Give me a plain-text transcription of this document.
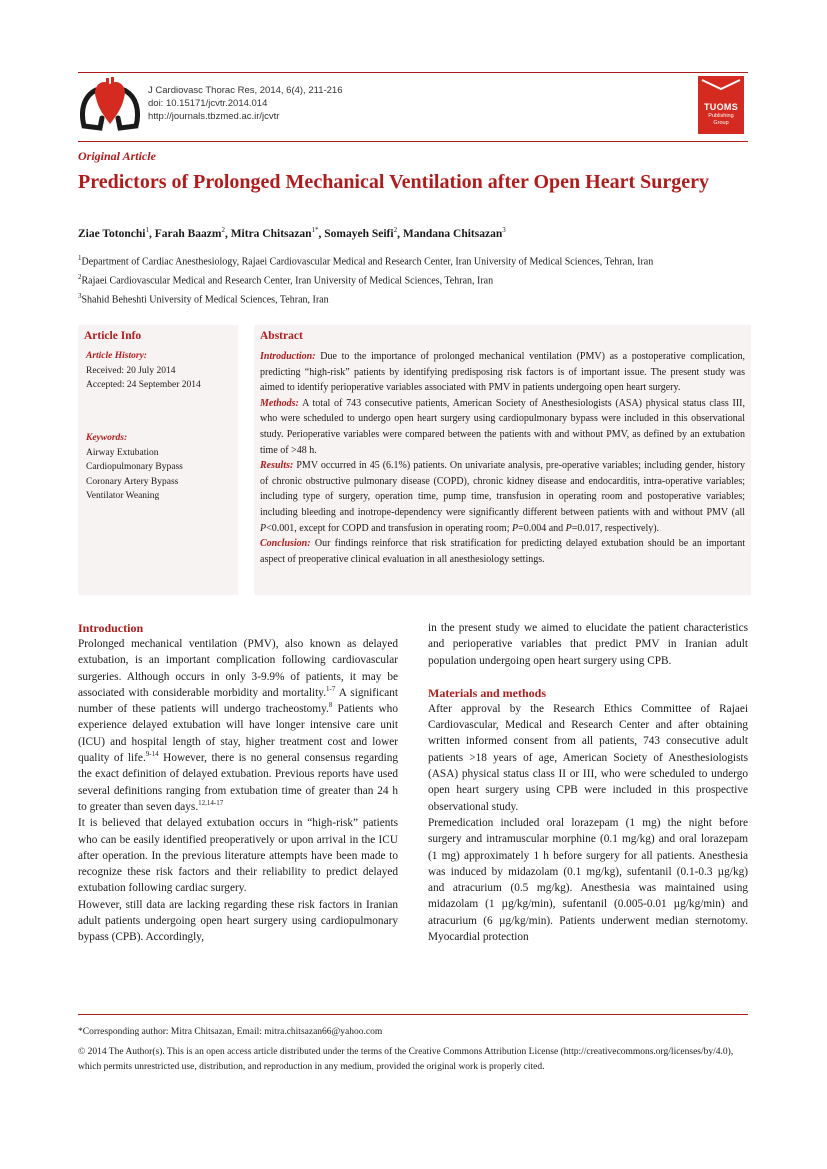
J Cardiovasc Thorac Res, 2014, 6(4), 211-216
doi: 10.15171/jcvtr.2014.014
http://journals.tbzmed.ac.ir/jcvtr
TUOMS
Publishing
Group
Original Article
Predictors of Prolonged Mechanical Ventilation after Open Heart Surgery
Ziae Totonchi$^1$, Farah Baazm$^2$, Mitra Chitsazan$^{1*}$, Somayeh Seifi$^2$, Mandana Chitsazan$^3$
$^1$Department of Cardiac Anesthesiology, Rajaei Cardiovascular Medical and Research Center, Iran University of Medical Sciences, Tehran, Iran
$^2$Rajaei Cardiovascular Medical and Research Center, Iran University of Medical Sciences, Tehran, Iran
$^3$Shahid Beheshti University of Medical Sciences, Tehran, Iran
Article Info
Article History:
Received: 20 July 2014
Accepted: 24 September 2014
Keywords:
Airway Extubation
Cardiopulmonary Bypass
Coronary Artery Bypass
Ventilator Weaning
Abstract

Introduction: Due to the importance of prolonged mechanical ventilation (PMV) as a postoperative complication, predicting “high-risk” patients by identifying predisposing risk factors is of important issue. The present study was aimed to identify perioperative variables associated with PMV in patients undergoing open heart surgery.

Methods: A total of 743 consecutive patients, American Society of Anesthesiologists (ASA) physical status class III, who were scheduled to undergo open heart surgery using cardiopulmonary bypass were included in this observational study. Perioperative variables were compared between the patients with and without PMV, as defined by an extubation time of >48 h.

Results: PMV occurred in 45 (6.1%) patients. On univariate analysis, pre-operative variables; including gender, history of chronic obstructive pulmonary disease (COPD), chronic kidney disease and endocarditis, intra-operative variables; including type of surgery, operation time, pump time, transfusion in operating room and postoperative variables; including bleeding and inotrope-dependency were significantly different between patients with and without PMV (all P<0.001, except for COPD and transfusion in operating room; P=0.004 and P=0.017, respectively).

Conclusion: Our findings reinforce that risk stratification for predicting delayed extubation should be an important aspect of preoperative clinical evaluation in all anesthesiology settings.

Introduction

Prolonged mechanical ventilation (PMV), also known as delayed extubation, is an important complication following cardiovascular surgeries. Although occurs in only 3-9.9% of patients, it may be associated with considerable morbidity and mortality.$^{1-7}$ A significant number of these patients will undergo tracheostomy.$^8$ Patients who experience delayed extubation will have longer intensive care unit (ICU) and hospital length of stay, higher treatment cost and lower quality of life.$^{9-14}$ However, there is no general consensus regarding the exact definition of delayed extubation. Previous reports have used several definitions ranging from extubation time of greater than 24 h to greater than seven days.$^{12,14-17}$

It is believed that delayed extubation occurs in “high-risk” patients who can be easily identified preoperatively or upon arrival in the ICU after operation. In the previous literature attempts have been made to recognize these risk factors and their reliability to predict delayed extubation following cardiac surgery.

However, still data are lacking regarding these risk factors in Iranian adult patients undergoing open heart surgery using cardiopulmonary bypass (CPB). Accordingly,

in the present study we aimed to elucidate the patient characteristics and perioperative variables that predict PMV in Iranian adult population undergoing open heart surgery using CPB.

Materials and methods

After approval by the Research Ethics Committee of Rajaei Cardiovascular, Medical and Research Center and after obtaining written informed consent from all patients, 743 consecutive adult patients >18 years of age, American Society of Anesthesiologists (ASA) physical status class II or III, who were scheduled to undergo open heart surgery using CPB were included in this prospective observational study.

Premedication included oral lorazepam (1 mg) the night before surgery and intramuscular morphine (0.1 mg/kg) and oral lorazepam (1 mg) approximately 1 h before surgery for all patients. Anesthesia was induced by midazolam (0.1 mg/kg), sufentanil (0.1-0.3 µg/kg) and atracurium (0.5 mg/kg). Anesthesia was maintained using midazolam (1 µg/kg/min), sufentanil (0.005-0.01 µg/kg/min) and atracurium (6 µg/kg/min). Patients underwent median sternotomy. Myocardial protection

*Corresponding author: Mitra Chitsazan, Email: mitra.chitsazan66@yahoo.com
© 2014 The Author(s). This is an open access article distributed under the terms of the Creative Commons Attribution License (http://creativecommons.org/licenses/by/4.0), which permits unrestricted use, distribution, and reproduction in any medium, provided the original work is properly cited.
